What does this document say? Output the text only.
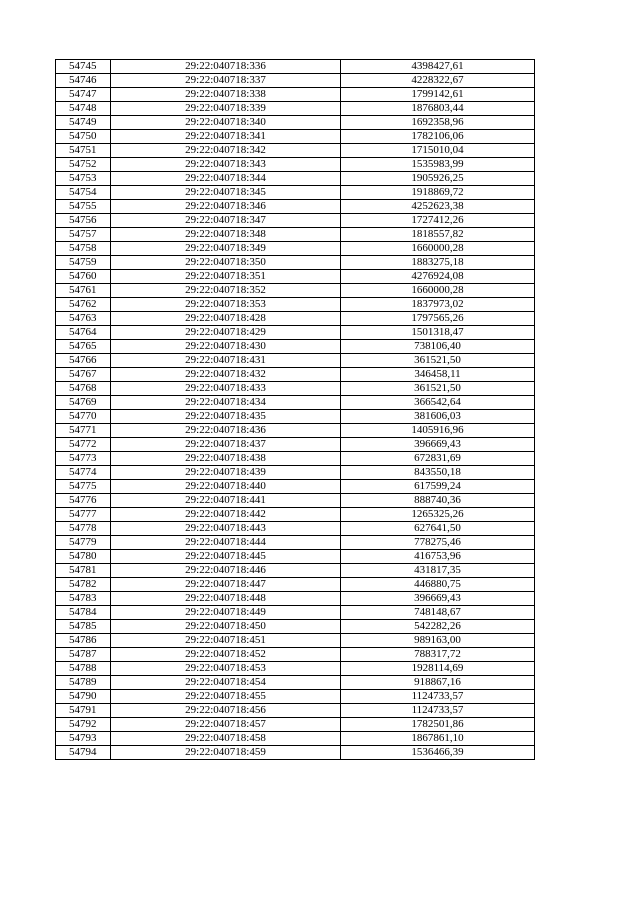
54745	29:22:040718:336	4398427,61
54746	29:22:040718:337	4228322,67
54747	29:22:040718:338	1799142,61
54748	29:22:040718:339	1876803,44
54749	29:22:040718:340	1692358,96
54750	29:22:040718:341	1782106,06
54751	29:22:040718:342	1715010,04
54752	29:22:040718:343	1535983,99
54753	29:22:040718:344	1905926,25
54754	29:22:040718:345	1918869,72
54755	29:22:040718:346	4252623,38
54756	29:22:040718:347	1727412,26
54757	29:22:040718:348	1818557,82
54758	29:22:040718:349	1660000,28
54759	29:22:040718:350	1883275,18
54760	29:22:040718:351	4276924,08
54761	29:22:040718:352	1660000,28
54762	29:22:040718:353	1837973,02
54763	29:22:040718:428	1797565,26
54764	29:22:040718:429	1501318,47
54765	29:22:040718:430	738106,40
54766	29:22:040718:431	361521,50
54767	29:22:040718:432	346458,11
54768	29:22:040718:433	361521,50
54769	29:22:040718:434	366542,64
54770	29:22:040718:435	381606,03
54771	29:22:040718:436	1405916,96
54772	29:22:040718:437	396669,43
54773	29:22:040718:438	672831,69
54774	29:22:040718:439	843550,18
54775	29:22:040718:440	617599,24
54776	29:22:040718:441	888740,36
54777	29:22:040718:442	1265325,26
54778	29:22:040718:443	627641,50
54779	29:22:040718:444	778275,46
54780	29:22:040718:445	416753,96
54781	29:22:040718:446	431817,35
54782	29:22:040718:447	446880,75
54783	29:22:040718:448	396669,43
54784	29:22:040718:449	748148,67
54785	29:22:040718:450	542282,26
54786	29:22:040718:451	989163,00
54787	29:22:040718:452	788317,72
54788	29:22:040718:453	1928114,69
54789	29:22:040718:454	918867,16
54790	29:22:040718:455	1124733,57
54791	29:22:040718:456	1124733,57
54792	29:22:040718:457	1782501,86
54793	29:22:040718:458	1867861,10
54794	29:22:040718:459	1536466,39
